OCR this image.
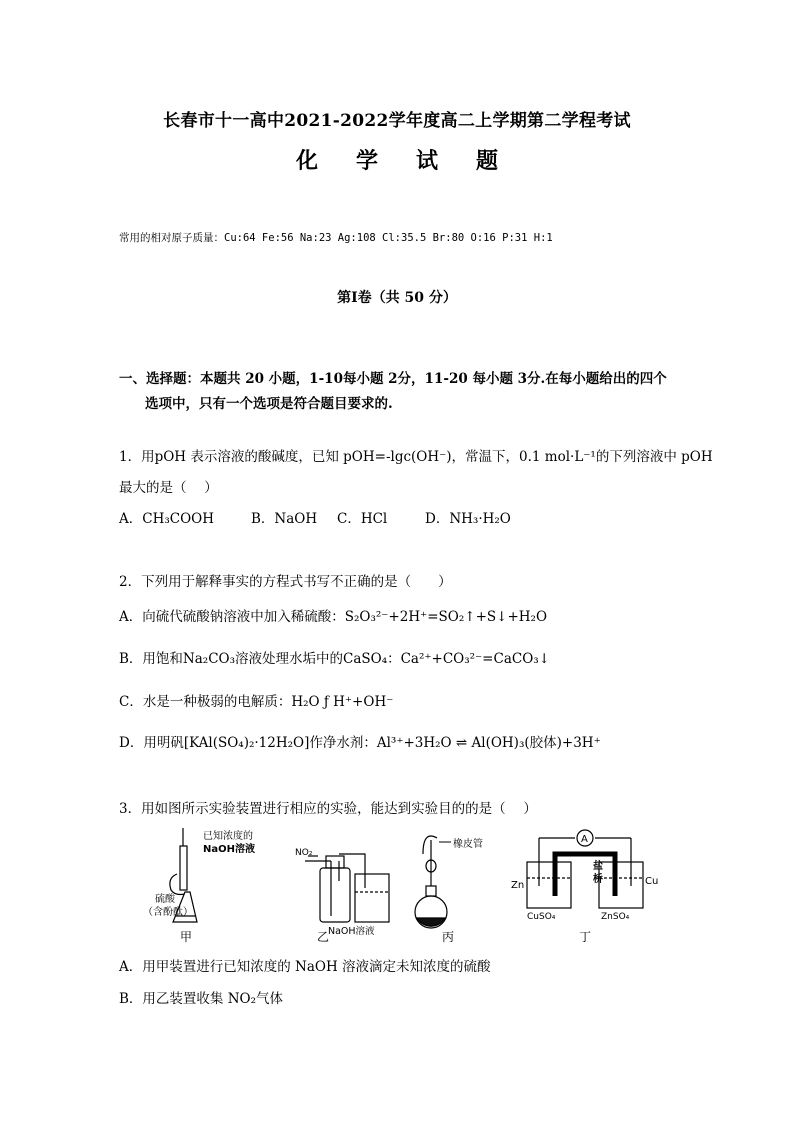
长春市十一高中2021-2022学年度高二上学期第二学程考试
化学试题
常用的相对原子质量：Cu:64 Fe:56 Na:23 Ag:108 Cl:35.5 Br:80 O:16 P:31 H:1
第Ⅰ卷（共 50 分）
一、选择题：本题共 20 小题，1-10每小题 2分，11-20 每小题 3分.在每小题给出的四个
选项中，只有一个选项是符合题目要求的.
1．用pOH 表示溶液的酸碱度，已知 pOH=-lgc(OH⁻)，常温下，0.1 mol·L⁻¹的下列溶液中 pOH
最大的是（　 ）
A．CH₃COOH	B．NaOH C．HCl	D．NH₃·H₂O
2．下列用于解释事实的方程式书写不正确的是（　　）
A．向硫代硫酸钠溶液中加入稀硫酸：S₂O₃²⁻+2H⁺=SO₂↑+S↓+H₂O
B．用饱和Na₂CO₃溶液处理水垢中的CaSO₄：Ca²⁺+CO₃²⁻=CaCO₃↓
C．水是一种极弱的电解质：H₂O ƒ H⁺+OH⁻
D．用明矾[KAl(SO₄)₂·12H₂O]作净水剂：Al³⁺+3H₂O ⇌ Al(OH)₃(胶体)+3H⁺
3．用如图所示实验装置进行相应的实验，能达到实验目的的是（　 ）
已知浓度的
NaOH溶液
硫酸
（含酚酞）
甲
NO₂
NaOH溶液
乙
橡皮管
丙
A
盐
桥
Zn	Cu
CuSO₄	ZnSO₄
丁
A．用甲装置进行已知浓度的 NaOH 溶液滴定未知浓度的硫酸
B．用乙装置收集 NO₂气体
